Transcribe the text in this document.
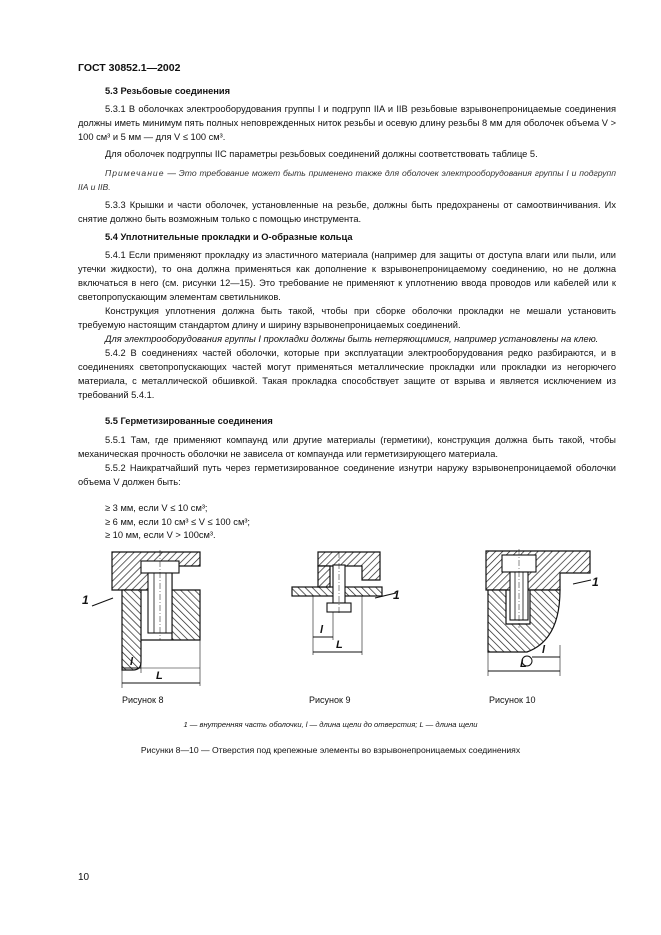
ГОСТ 30852.1—2002
5.3 Резьбовые соединения

5.3.1 В оболочках электрооборудования группы I и подгрупп IIA и IIB резьбовые взрывонепроницаемые соединения должны иметь минимум пять полных неповрежденных ниток резьбы и осевую длину резьбы 8 мм для оболочек объема V > 100 см³ и 5 мм — для V ≤ 100 см³.

Для оболочек подгруппы IIC параметры резьбовых соединений должны соответствовать таблице 5.

Примечание — Это требование может быть применено также для оболочек электрооборудования группы I и подгрупп IIA и IIB.

5.3.3 Крышки и части оболочек, установленные на резьбе, должны быть предохранены от самоотвинчивания. Их снятие должно быть возможным только с помощью инструмента.

5.4 Уплотнительные прокладки и O-образные кольца

5.4.1 Если применяют прокладку из эластичного материала (например для защиты от доступа влаги или пыли, или утечки жидкости), то она должна применяться как дополнение к взрывонепроницаемому соединению, но не должна включаться в него (см. рисунки 12—15). Это требование не применяют к уплотнению ввода проводов или кабелей или к светопропускающим элементам светильников.

Конструкция уплотнения должна быть такой, чтобы при сборке оболочки прокладки не мешали установить требуемую настоящим стандартом длину и ширину взрывонепроницаемых соединений.

Для электрооборудования группы I прокладки должны быть нетеряющимися, например установлены на клею.

5.4.2 В соединениях частей оболочки, которые при эксплуатации электрооборудования редко разбираются, и в соединениях светопропускающих частей могут применяться металлические прокладки или прокладки из негорючего материала, с металлической обшивкой. Такая прокладка способствует защите от взрыва и является исключением из требований 5.4.1.

5.5 Герметизированные соединения

5.5.1 Там, где применяют компаунд или другие материалы (герметики), конструкция должна быть такой, чтобы механическая прочность оболочки не зависела от компаунда или герметизирующего материала.

5.5.2 Наикратчайший путь через герметизированное соединение изнутри наружу взрывонепроницаемой оболочки объема V должен быть:

≥ 3 мм, если V ≤ 10 см³;
≥ 6 мм, если 10 см³ ≤ V ≤ 100 см³;
≥ 10 мм, если V > 100см³.
1
l
L
1
l
L
1
l
L
Рисунок 8	Рисунок 9	Рисунок 10
1 — внутренняя часть оболочки, l — длина щели до отверстия; L — длина щели
Рисунки 8—10 — Отверстия под крепежные элементы во взрывонепроницаемых соединениях
10
